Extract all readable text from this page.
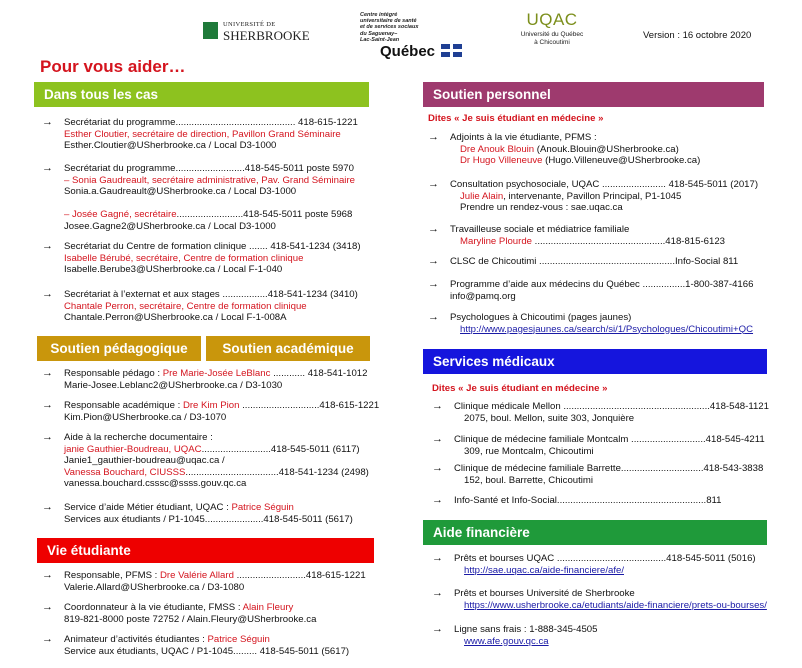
UNIVERSITÉ DE
SHERBROOKE
Centre intégré
universitaire de santé
et de services sociaux
du Saguenay–
Lac-Saint-Jean
Québec
UQAC
Université du Québec
à Chicoutimi
Version : 16 octobre 2020
Pour vous aider…
Dans tous les cas
Soutien pédagogique	Soutien académique
Vie étudiante
Soutien personnel
Services médicaux
Aide financière
Dites « Je suis étudiant en médecine »
Dites « Je suis étudiant en médecine »
→	Secrétariat du programme............................................. 418-615-1221
Esther Cloutier, secrétaire de direction, Pavillon Grand Séminaire
Esther.Cloutier@USherbrooke.ca / Local D3-1000
→	Secrétariat du programme..........................418-545-5011 poste 5970
– Sonia Gaudreault, secrétaire administrative, Pav. Grand Séminaire
Sonia.a.Gaudreault@USherbrooke.ca / Local D3-1000
– Josée Gagné, secrétaire.........................418-545-5011 poste 5968
Josee.Gagne2@USherbrooke.ca / Local D3-1000
→	Secrétariat du Centre de formation clinique ....... 418-541-1234 (3418)
Isabelle Bérubé, secrétaire, Centre de formation clinique
Isabelle.Berube3@USherbrooke.ca / Local F-1-040
→	Secrétariat à l’externat et aux stages .................418-541-1234 (3410)
Chantale Perron, secrétaire, Centre de formation clinique
Chantale.Perron@USherbrooke.ca / Local F-1-008A
→	Responsable pédago : Pre Marie-Josée LeBlanc ............ 418-541-1012
Marie-Josee.Leblanc2@USherbrooke.ca / D3-1030
→	Responsable académique : Dre Kim Pion .............................418-615-1221
Kim.Pion@USherbrooke.ca / D3-1070
→	Aide à la recherche documentaire :
janie Gauthier-Boudreau, UQAC..........................418-545-5011 (6117)
Janie1_gauthier-boudreau@uqac.ca /
Vanessa Bouchard, CIUSSS...................................418-541-1234 (2498)
vanessa.bouchard.csssc@ssss.gouv.qc.ca
→	Service d’aide Métier étudiant, UQAC : Patrice Séguin
Services aux étudiants / P1-1045......................418-545-5011 (5617)
→	Responsable, PFMS : Dre Valérie Allard ..........................418-615-1221
Valerie.Allard@USherbrooke.ca / D3-1080
→	Coordonnateur à la vie étudiante, FMSS : Alain Fleury
819-821-8000 poste 72752 / Alain.Fleury@USherbrooke.ca
→	Animateur d’activités étudiantes : Patrice Séguin
Service aux étudiants, UQAC / P1-1045......... 418-545-5011 (5617)
→	Adjoints à la vie étudiante, PFMS :
Dre Anouk Blouin (Anouk.Blouin@USherbrooke.ca)
Dr Hugo Villeneuve (Hugo.Villeneuve@USherbrooke.ca)
→	Consultation psychosociale, UQAC ........................ 418-545-5011 (2017)
Julie Alain, intervenante, Pavillon Principal, P1-1045
Prendre un rendez-vous : sae.uqac.ca
→	Travailleuse sociale et médiatrice familiale
Maryline Plourde .................................................418-815-6123
→	CLSC de Chicoutimi ...................................................Info-Social 811
→	Programme d’aide aux médecins du Québec ................1-800-387-4166
info@pamq.org
→	Psychologues à Chicoutimi (pages jaunes)
http://www.pagesjaunes.ca/search/si/1/Psychologues/Chicoutimi+QC
→	Clinique médicale Mellon .......................................................418-548-1121
2075, boul. Mellon, suite 303, Jonquière
→	Clinique de médecine familiale Montcalm ............................418-545-4211
309, rue Montcalm, Chicoutimi
→	Clinique de médecine familiale Barrette...............................418-543-3838
152, boul. Barrette, Chicoutimi
→	Info-Santé et Info-Social........................................................811
→	Prêts et bourses UQAC .........................................418-545-5011 (5016)
http://sae.uqac.ca/aide-financiere/afe/
→	Prêts et bourses Université de Sherbrooke
https://www.usherbrooke.ca/etudiants/aide-financiere/prets-ou-bourses/
→	Ligne sans frais : 1-888-345-4505
www.afe.gouv.qc.ca
